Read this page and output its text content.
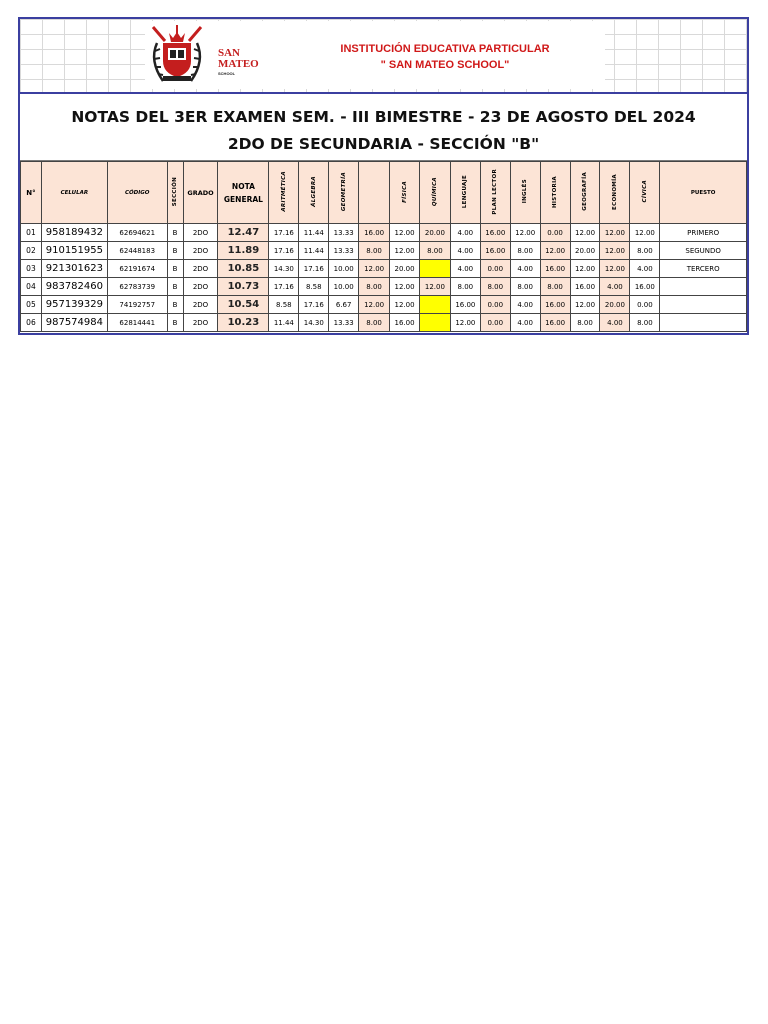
SAN
MATEO
SCHOOL
INSTITUCIÓN EDUCATIVA PARTICULAR
" SAN MATEO SCHOOL"
NOTAS DEL 3ER EXAMEN SEM. - III BIMESTRE - 23 DE AGOSTO DEL 2024
2DO DE SECUNDARIA - SECCIÓN "B"
N°	CELULAR	CÓDIGO	SECCIÓN	GRADO	NOTA GENERAL	ARITMÉTICA	ÁLGEBRA	GEOMETRÍA		FÍSICA	QUÍMICA	LENGUAJE	PLAN LECTOR	INGLÉS	HISTORIA	GEOGRAFÍA	ECONOMÍA	CÍVICA	PUESTO
01	958189432	62694621	B	2DO	12.47	17.16	11.44	13.33	16.00	12.00	20.00	4.00	16.00	12.00	0.00	12.00	12.00	12.00	PRIMERO
02	910151955	62448183	B	2DO	11.89	17.16	11.44	13.33	8.00	12.00	8.00	4.00	16.00	8.00	12.00	20.00	12.00	8.00	SEGUNDO
03	921301623	62191674	B	2DO	10.85	14.30	17.16	10.00	12.00	20.00		4.00	0.00	4.00	16.00	12.00	12.00	4.00	TERCERO
04	983782460	62783739	B	2DO	10.73	17.16	8.58	10.00	8.00	12.00	12.00	8.00	8.00	8.00	8.00	16.00	4.00	16.00	
05	957139329	74192757	B	2DO	10.54	8.58	17.16	6.67	12.00	12.00		16.00	0.00	4.00	16.00	12.00	20.00	0.00	
06	987574984	62814441	B	2DO	10.23	11.44	14.30	13.33	8.00	16.00		12.00	0.00	4.00	16.00	8.00	4.00	8.00	
